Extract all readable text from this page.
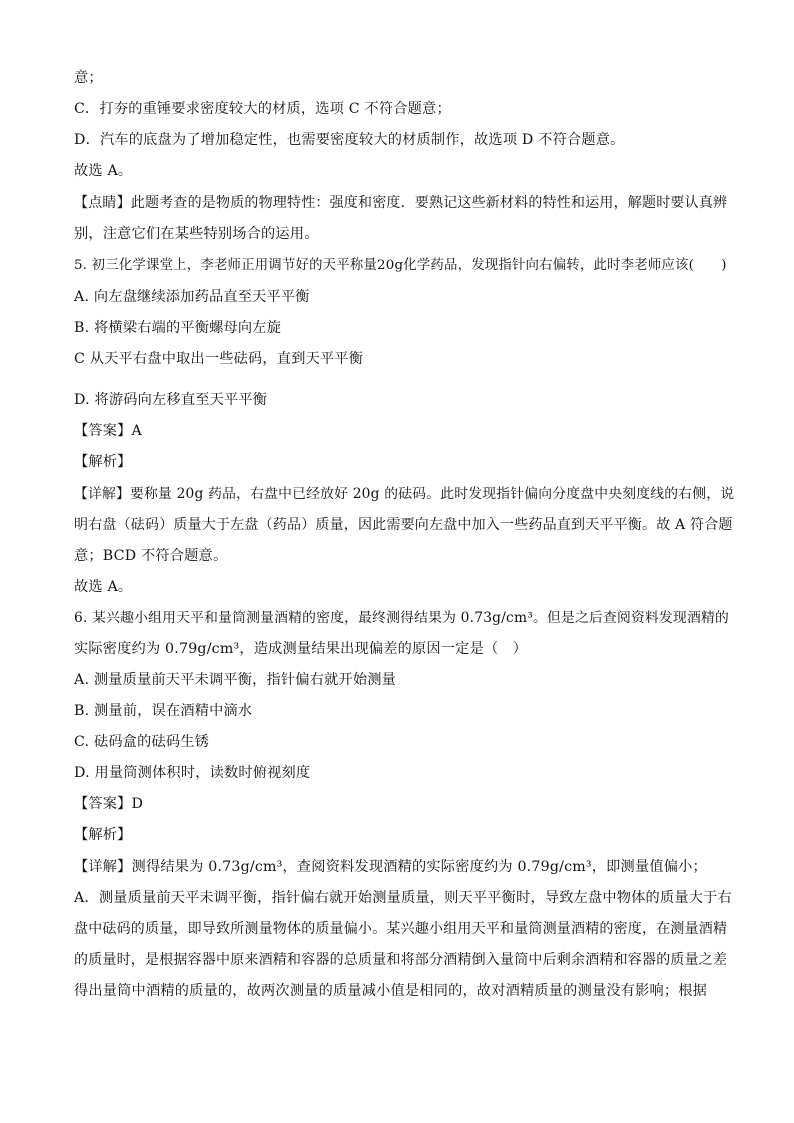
意；
C．打夯的重锤要求密度较大的材质，选项 C 不符合题意；
D．汽车的底盘为了增加稳定性，也需要密度较大的材质制作，故选项 D 不符合题意。
故选 A。
【点睛】此题考查的是物质的物理特性：强度和密度．要熟记这些新材料的特性和运用，解题时要认真辨
别，注意它们在某些特别场合的运用。
5. 初三化学课堂上，李老师正用调节好的天平称量20g化学药品，发现指针向右偏转，此时李老师应该(　　)
A. 向左盘继续添加药品直至天平平衡
B. 将横梁右端的平衡螺母向左旋
C 从天平右盘中取出一些砝码，直到天平平衡
D. 将游码向左移直至天平平衡
【答案】A
【解析】
【详解】要称量 20g 药品，右盘中已经放好 20g 的砝码。此时发现指针偏向分度盘中央刻度线的右侧，说
明右盘（砝码）质量大于左盘（药品）质量，因此需要向左盘中加入一些药品直到天平平衡。故 A 符合题
意；BCD 不符合题意。
故选 A。
6. 某兴趣小组用天平和量筒测量酒精的密度，最终测得结果为 0.73g/cm³。但是之后查阅资料发现酒精的
实际密度约为 0.79g/cm³，造成测量结果出现偏差的原因一定是（　）
A. 测量质量前天平未调平衡，指针偏右就开始测量
B. 测量前，误在酒精中滴水
C. 砝码盒的砝码生锈
D. 用量筒测体积时，读数时俯视刻度
【答案】D
【解析】
【详解】测得结果为 0.73g/cm³，查阅资料发现酒精的实际密度约为 0.79g/cm³，即测量值偏小；
A．测量质量前天平未调平衡，指针偏右就开始测量质量，则天平平衡时，导致左盘中物体的质量大于右
盘中砝码的质量，即导致所测量物体的质量偏小。某兴趣小组用天平和量筒测量酒精的密度，在测量酒精
的质量时，是根据容器中原来酒精和容器的总质量和将部分酒精倒入量筒中后剩余酒精和容器的质量之差
得出量筒中酒精的质量的，故两次测量的质量减小值是相同的，故对酒精质量的测量没有影响；根据
